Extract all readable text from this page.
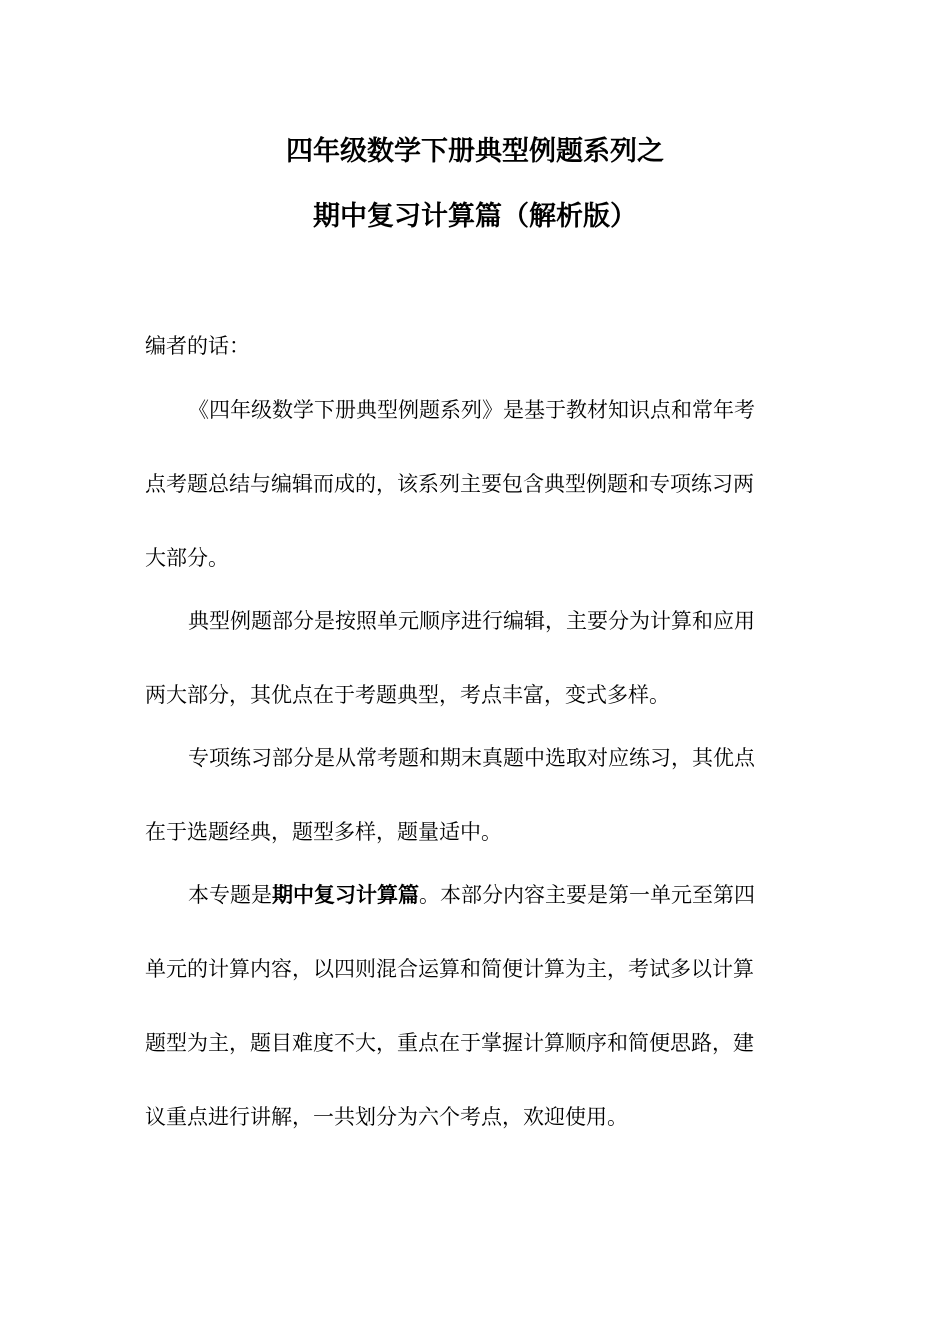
四年级数学下册典型例题系列之
期中复习计算篇（解析版）
编者的话：
《四年级数学下册典型例题系列》是基于教材知识点和常年考
点考题总结与编辑而成的，该系列主要包含典型例题和专项练习两
大部分。
典型例题部分是按照单元顺序进行编辑，主要分为计算和应用
两大部分，其优点在于考题典型，考点丰富，变式多样。
专项练习部分是从常考题和期末真题中选取对应练习，其优点
在于选题经典，题型多样，题量适中。
本专题是期中复习计算篇。本部分内容主要是第一单元至第四
单元的计算内容，以四则混合运算和简便计算为主，考试多以计算
题型为主，题目难度不大，重点在于掌握计算顺序和简便思路，建
议重点进行讲解，一共划分为六个考点，欢迎使用。
